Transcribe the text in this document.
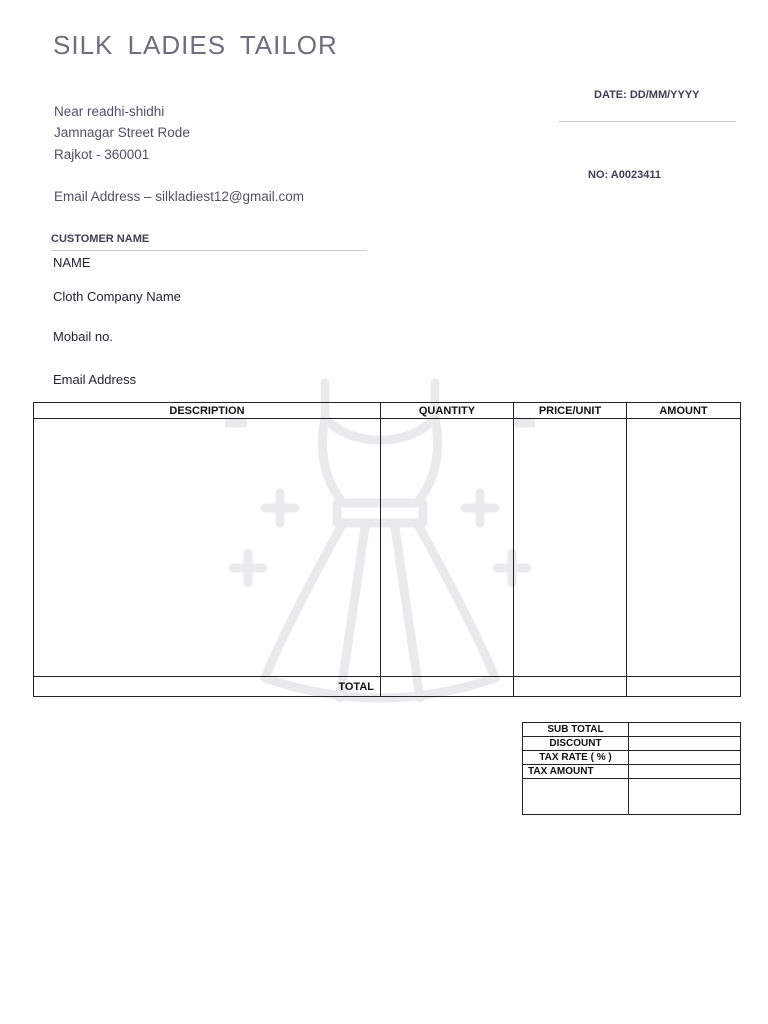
SILK LADIES TAILOR
Near readhi-shidhi
Jamnagar Street Rode
Rajkot - 360001
Email Address – silkladiest12@gmail.com
DATE: DD/MM/YYYY
NO: A0023411
CUSTOMER NAME
NAME
Cloth Company Name
Mobail no.
Email Address
DESCRIPTION	QUANTITY	PRICE/UNIT	AMOUNT

TOTAL			
SUB TOTAL	
DISCOUNT	
TAX RATE ( % )	
TAX AMOUNT	
